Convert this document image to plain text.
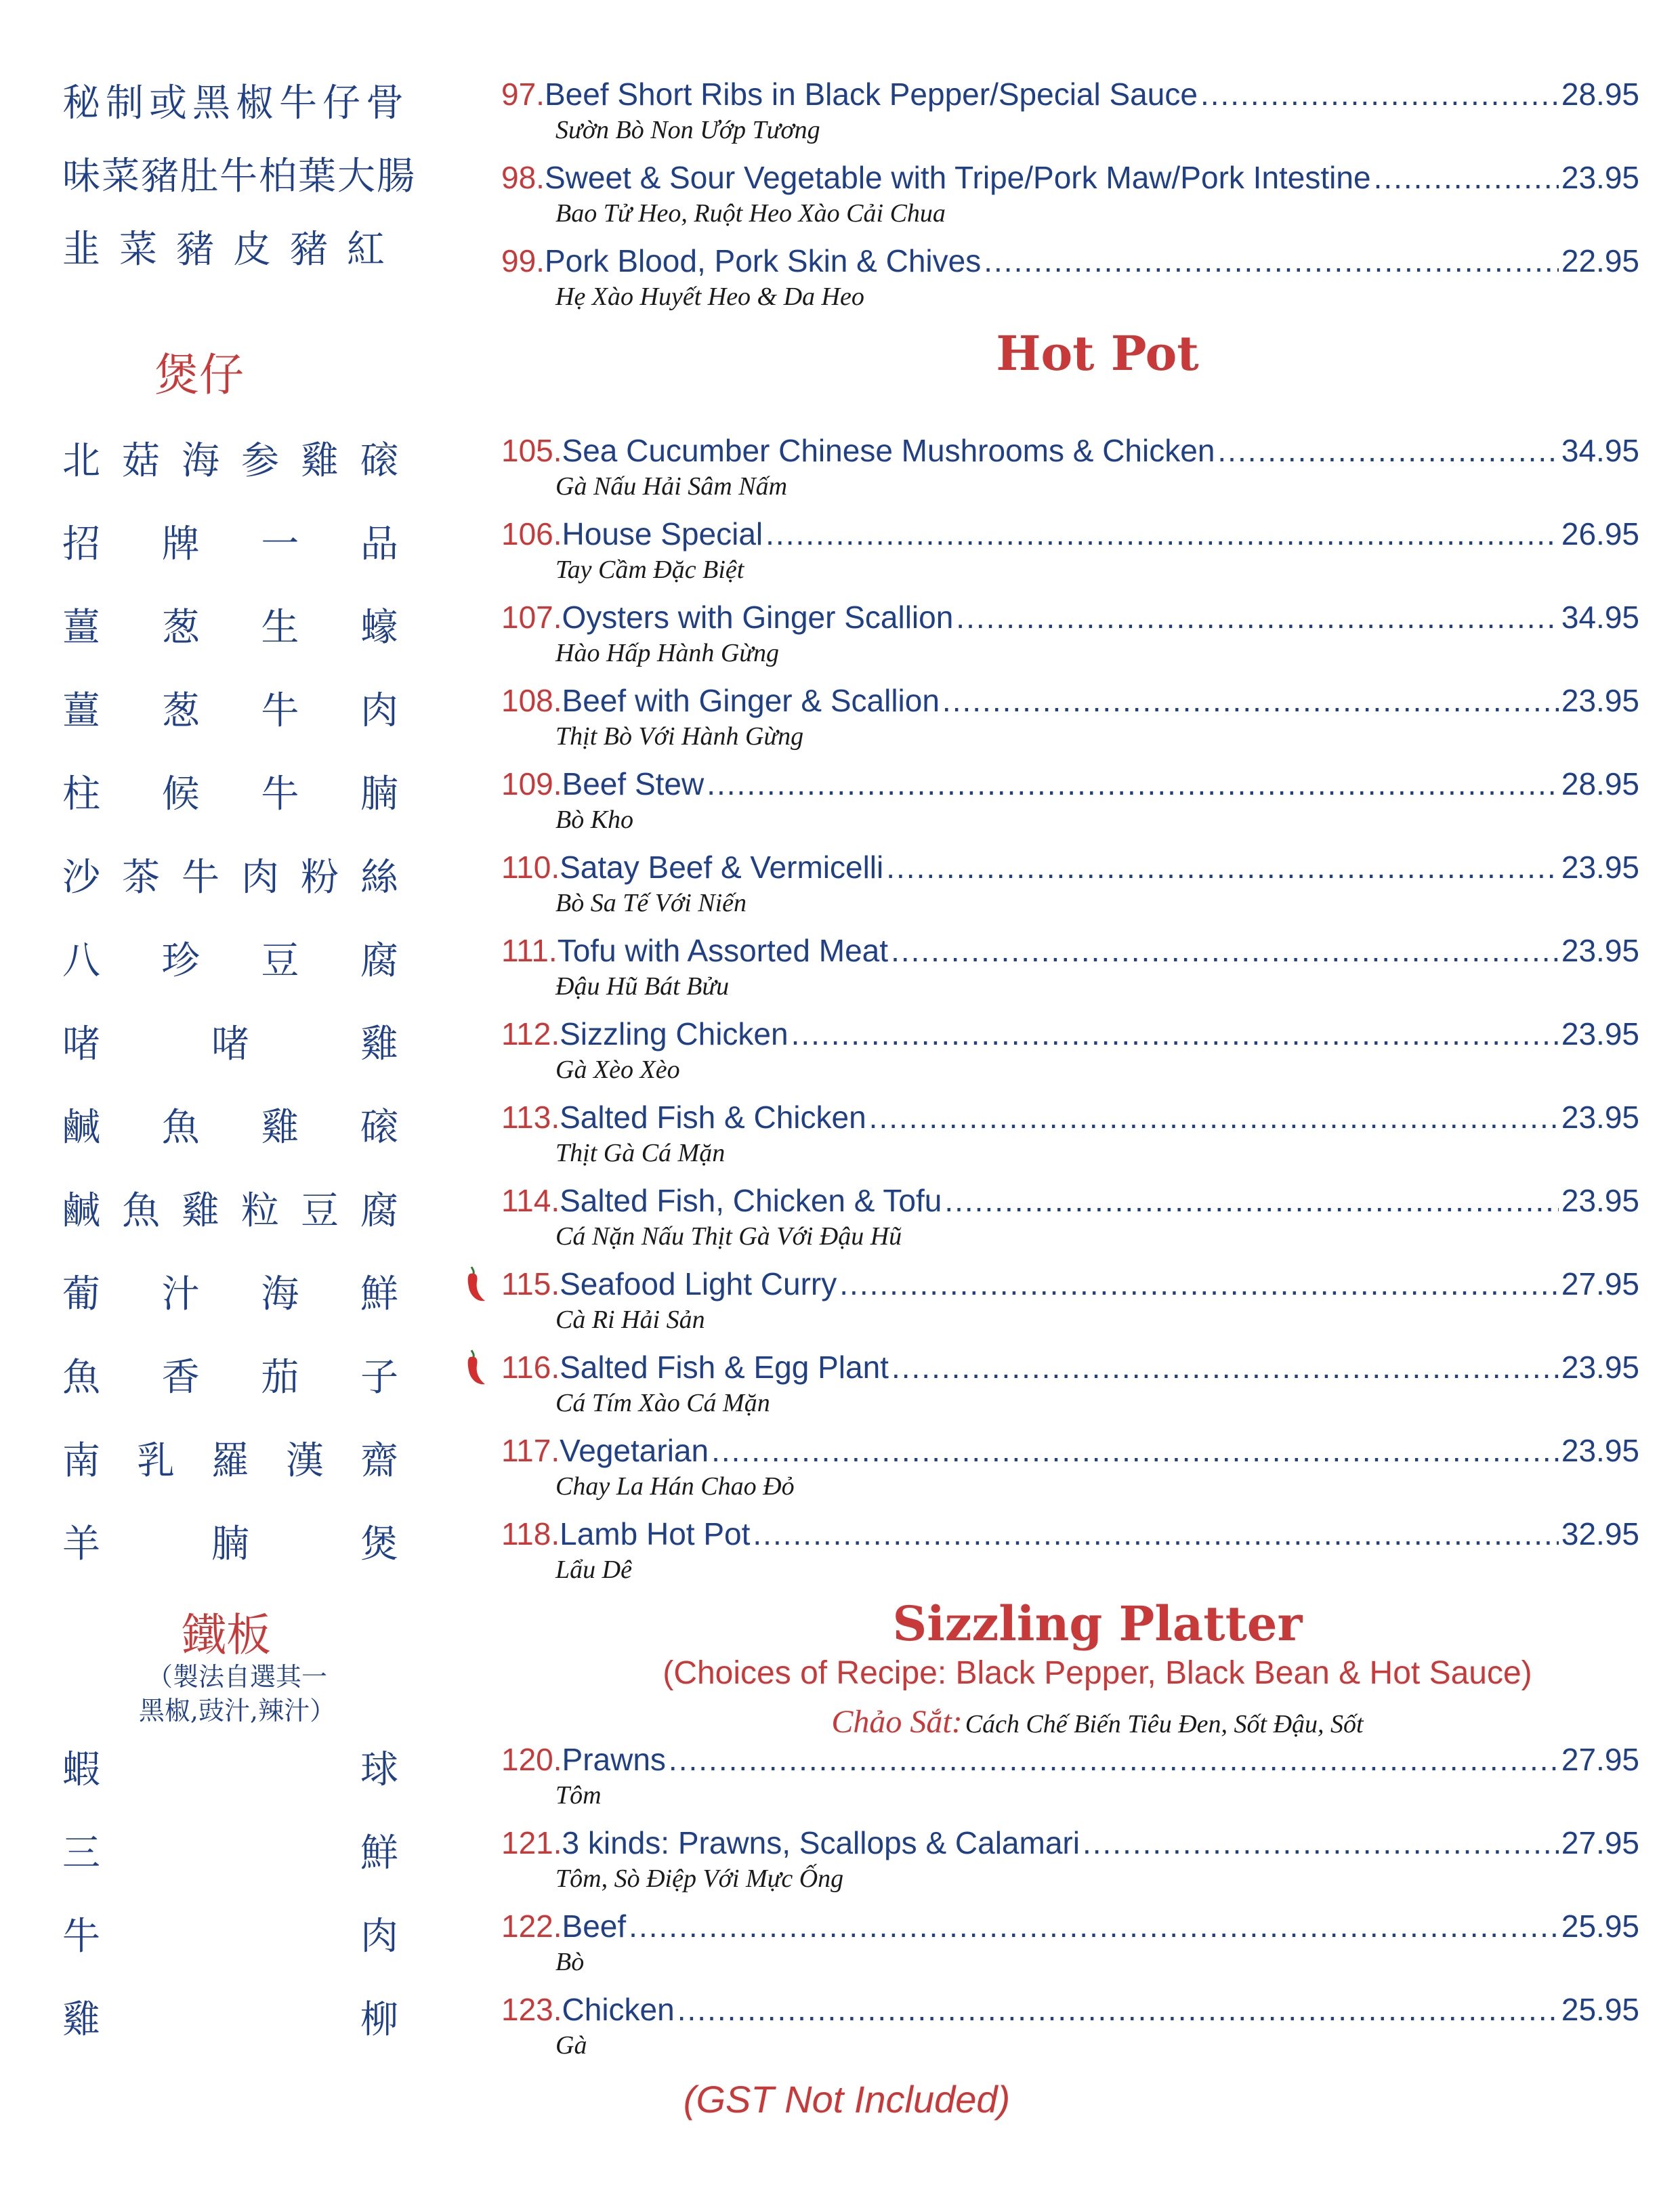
秘制或黑椒牛仔骨
味菜豬肚牛柏葉大腸
韭菜豬皮豬紅
煲仔
北 菇 海 参 雞 磙
招 牌 一 品
薑 葱 生 蠔
薑 葱 牛 肉
柱 候 牛 腩
沙 茶 牛 肉 粉 絲
八 珍 豆 腐
啫	啫	雞
鹹 魚 雞 磙
鹹 魚 雞 粒 豆 腐
葡 汁 海 鮮
魚 香 茄 子
南 乳 羅 漢 齋
羊	腩	煲
鐵板
（製法自選其一
黑椒,豉汁,辣汁）
蝦	球
三	鮮
牛	肉
雞	柳
97. Beef Short Ribs in Black Pepper/Special Sauce .....	28.95
Sườn Bò Non Ướp Tương
98. Sweet & Sour Vegetable with Tripe/Pork Maw/Pork Intestine .....	23.95
Bao Tử Heo, Ruột Heo Xào Cải Chua
99. Pork Blood, Pork Skin & Chives .....	22.95
Hẹ Xào Huyết Heo & Da Heo
Hot Pot
105. Sea Cucumber Chinese Mushrooms & Chicken .....	34.95
Gà Nấu Hải Sâm Nấm
106. House Special .....	26.95
Tay Cầm Đặc Biệt
107. Oysters with Ginger Scallion .....	34.95
Hào Hấp Hành Gừng
108. Beef with Ginger & Scallion .....	23.95
Thịt Bò Với Hành Gừng
109. Beef Stew .....	28.95
Bò Kho
110. Satay Beef & Vermicelli .....	23.95
Bò Sa Tế Với Niến
111. Tofu with Assorted Meat .....	23.95
Đậu Hũ Bát Bửu
112. Sizzling Chicken .....	23.95
Gà Xèo Xèo
113. Salted Fish & Chicken .....	23.95
Thịt Gà Cá Mặn
114. Salted Fish, Chicken & Tofu .....	23.95
Cá Nặn Nấu Thịt Gà Với Đậu Hũ
115. Seafood Light Curry .....	27.95
Cà Ri Hải Sản
116. Salted Fish & Egg Plant .....	23.95
Cá Tím Xào Cá Mặn
117. Vegetarian .....	23.95
Chay La Hán Chao Đỏ
118. Lamb Hot Pot .....	32.95
Lẩu Dê
Sizzling Platter
(Choices of Recipe: Black Pepper, Black Bean & Hot Sauce)
Chảo Sắt: Cách Chế Biến Tiêu Đen, Sốt Đậu, Sốt
120. Prawns .....	27.95
Tôm
121. 3 kinds: Prawns, Scallops & Calamari .....	27.95
Tôm, Sò Điệp Với Mực Ống
122. Beef .....	25.95
Bò
123. Chicken .....	25.95
Gà
(GST Not Included)
